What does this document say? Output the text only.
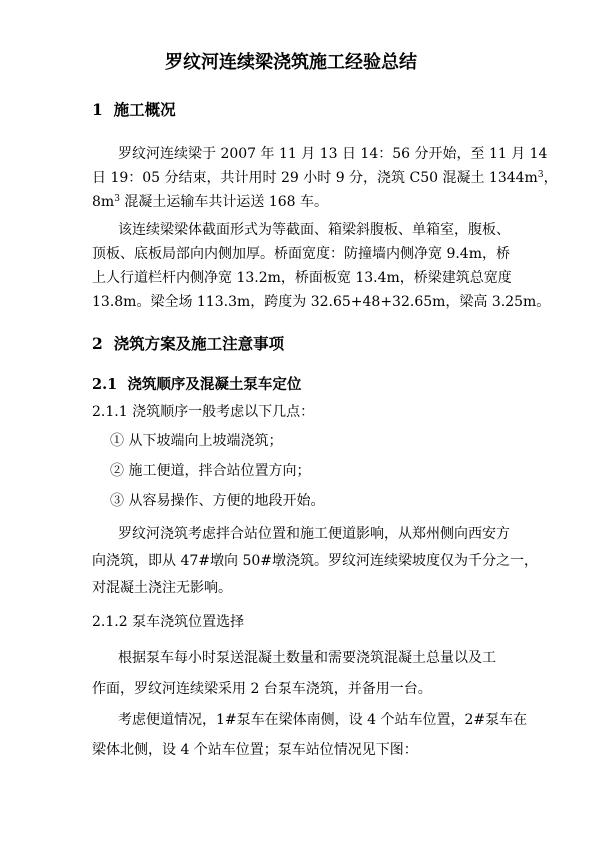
罗纹河连续梁浇筑施工经验总结
1 施工概况
罗纹河连续梁于 2007 年 11 月 13 日 14：56 分开始，至 11 月 14
日 19：05 分结束，共计用时 29 小时 9 分，浇筑 C50 混凝土 $1344m^3$，
$8m^3$ 混凝土运输车共计运送 168 车。
该连续梁梁体截面形式为等截面、箱梁斜腹板、单箱室，腹板、
顶板、底板局部向内侧加厚。桥面宽度：防撞墙内侧净宽 9.4m，桥
上人行道栏杆内侧净宽 13.2m，桥面板宽 13.4m，桥梁建筑总宽度
13.8m。梁全场 113.3m，跨度为 32.65+48+32.65m，梁高 3.25m。
2 浇筑方案及施工注意事项
2.1 浇筑顺序及混凝土泵车定位
2.1.1 浇筑顺序一般考虑以下几点：
① 从下坡端向上坡端浇筑；
② 施工便道，拌合站位置方向；
③ 从容易操作、方便的地段开始。
罗纹河浇筑考虑拌合站位置和施工便道影响，从郑州侧向西安方
向浇筑，即从 47#墩向 50#墩浇筑。罗纹河连续梁坡度仅为千分之一，
对混凝土浇注无影响。
2.1.2 泵车浇筑位置选择
根据泵车每小时泵送混凝土数量和需要浇筑混凝土总量以及工
作面，罗纹河连续梁采用 2 台泵车浇筑，并备用一台。
考虑便道情况，1#泵车在梁体南侧，设 4 个站车位置，2#泵车在
梁体北侧，设 4 个站车位置；泵车站位情况见下图：
